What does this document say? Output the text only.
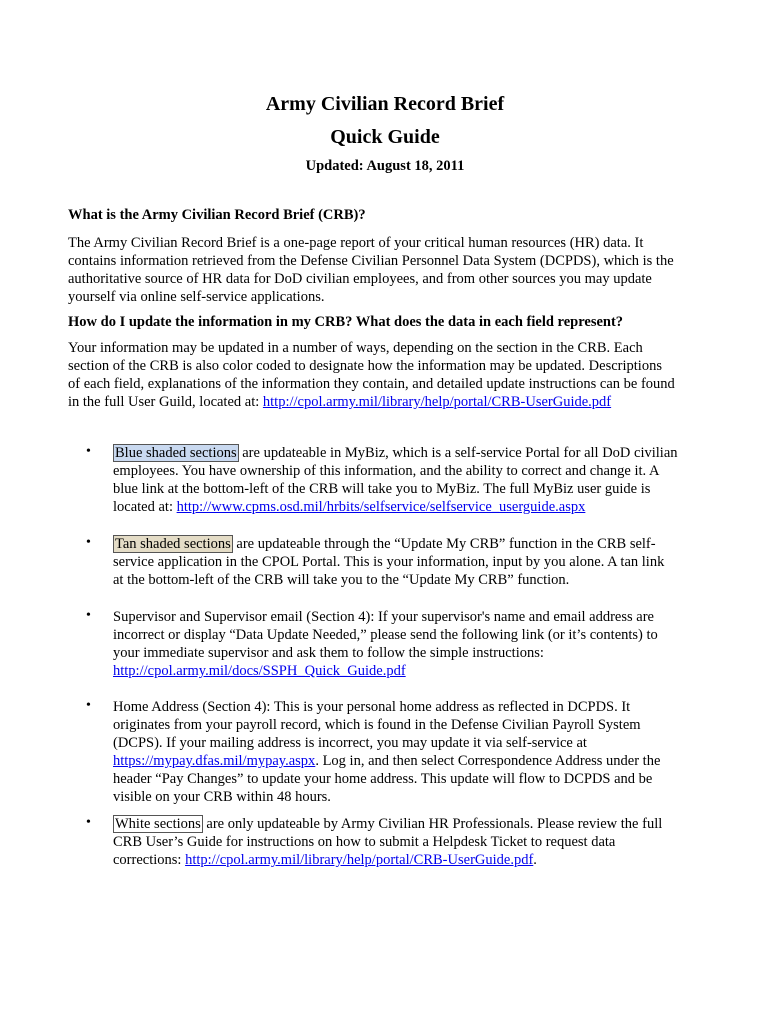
Army Civilian Record Brief
Quick Guide
Updated: August 18, 2011
What is the Army Civilian Record Brief (CRB)?
The Army Civilian Record Brief is a one-page report of your critical human resources (HR) data. It
contains information retrieved from the Defense Civilian Personnel Data System (DCPDS), which is the
authoritative source of HR data for DoD civilian employees, and from other sources you may update
yourself via online self-service applications.
How do I update the information in my CRB? What does the data in each field represent?
Your information may be updated in a number of ways, depending on the section in the CRB. Each
section of the CRB is also color coded to designate how the information may be updated. Descriptions
of each field, explanations of the information they contain, and detailed update instructions can be found
in the full User Guild, located at: http://cpol.army.mil/library/help/portal/CRB-UserGuide.pdf
• Blue shaded sections are updateable in MyBiz, which is a self-service Portal for all DoD civilian
employees. You have ownership of this information, and the ability to correct and change it. A
blue link at the bottom-left of the CRB will take you to MyBiz. The full MyBiz user guide is
located at: http://www.cpms.osd.mil/hrbits/selfservice/selfservice_userguide.aspx
• Tan shaded sections are updateable through the “Update My CRB” function in the CRB self-
service application in the CPOL Portal. This is your information, input by you alone. A tan link
at the bottom-left of the CRB will take you to the “Update My CRB” function.
• Supervisor and Supervisor email (Section 4): If your supervisor's name and email address are
incorrect or display “Data Update Needed,” please send the following link (or it’s contents) to
your immediate supervisor and ask them to follow the simple instructions:
http://cpol.army.mil/docs/SSPH_Quick_Guide.pdf
• Home Address (Section 4): This is your personal home address as reflected in DCPDS. It
originates from your payroll record, which is found in the Defense Civilian Payroll System
(DCPS). If your mailing address is incorrect, you may update it via self-service at
https://mypay.dfas.mil/mypay.aspx. Log in, and then select Correspondence Address under the
header “Pay Changes” to update your home address. This update will flow to DCPDS and be
visible on your CRB within 48 hours.
• White sections are only updateable by Army Civilian HR Professionals. Please review the full
CRB User’s Guide for instructions on how to submit a Helpdesk Ticket to request data
corrections: http://cpol.army.mil/library/help/portal/CRB-UserGuide.pdf.
